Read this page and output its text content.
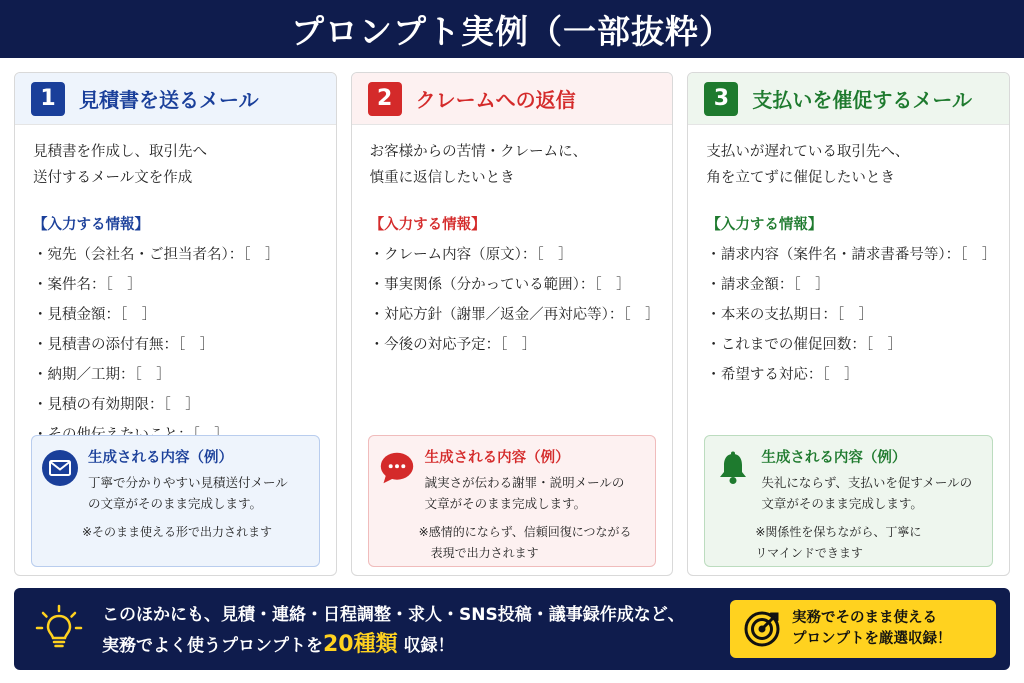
プロンプト実例（一部抜粋）
1	見積書を送るメール
見積書を作成し、取引先へ
送付するメール文を作成
【入力する情報】
・宛先（会社名・ご担当者名）：［　］
・案件名：［　］
・見積金額：［　］
・見積書の添付有無：［　］
・納期／工期：［　］
・見積の有効期限：［　］
生成される内容（例）
丁寧で分かりやすい見積送付メール
の文章がそのまま完成します。
※そのまま使える形で出力されます
2	クレームへの返信
お客様からの苦情・クレームに、
慎重に返信したいとき
【入力する情報】
・クレーム内容（原文）：［　］
・事実関係（分かっている範囲）：［　］
・対応方針（謝罪／返金／再対応等）：［　］
・今後の対応予定：［　］
生成される内容（例）
誠実さが伝わる謝罪・説明メールの
文章がそのまま完成します。
※感情的にならず、信頼回復につながる
　表現で出力されます
3	支払いを催促するメール
支払いが遅れている取引先へ、
角を立てずに催促したいとき
【入力する情報】
・請求内容（案件名・請求書番号等）：［　］
・請求金額：［　］
・本来の支払期日：［　］
・これまでの催促回数：［　］
・希望する対応：［　］
生成される内容（例）
失礼にならず、支払いを促すメールの
文章がそのまま完成します。
※関係性を保ちながら、丁寧に
リマインドできます
このほかにも、見積・連絡・日程調整・求人・SNS投稿・議事録作成など、
実務でよく使うプロンプトを20種類 収録！
実務でそのまま使える
プロンプトを厳選収録！
